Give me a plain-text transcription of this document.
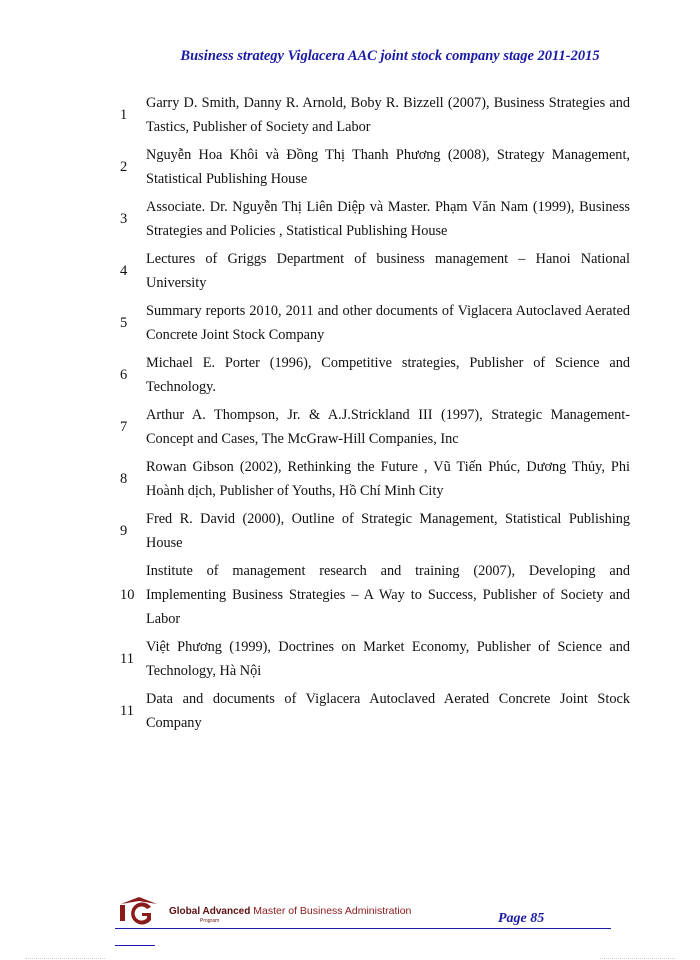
Business strategy Viglacera AAC joint stock company stage 2011-2015
1
Garry D. Smith, Danny R. Arnold, Boby R. Bizzell (2007), Business Strategies and Tastics, Publisher of Society and Labor
2
Nguyễn Hoa Khôi và Đồng Thị Thanh Phương (2008), Strategy Management, Statistical Publishing House
3
Associate. Dr. Nguyễn Thị Liên Diệp và Master. Phạm Văn Nam (1999), Business Strategies and Policies , Statistical Publishing House
4
Lectures of Griggs Department of business management – Hanoi National University
5
Summary reports 2010, 2011 and other documents of Viglacera Autoclaved Aerated Concrete Joint Stock Company
6
Michael E. Porter (1996), Competitive strategies, Publisher of Science and Technology.
7
Arthur A. Thompson, Jr. & A.J.Strickland III (1997), Strategic Management-Concept and Cases, The McGraw-Hill Companies, Inc
8
Rowan Gibson (2002), Rethinking the Future , Vũ Tiến Phúc, Dương Thủy, Phi Hoành dịch, Publisher of Youths, Hồ Chí Minh City
9
Fred R. David (2000), Outline of Strategic Management, Statistical Publishing House
10
Institute of management research and training (2007), Developing and Implementing Business Strategies – A Way to Success, Publisher of Society and Labor
11
Việt Phương (1999), Doctrines on Market Economy, Publisher of Science and Technology, Hà Nội
11
Data and documents of Viglacera Autoclaved Aerated Concrete Joint Stock Company
Global Advanced Master of Business Administration
Program	Page 85
